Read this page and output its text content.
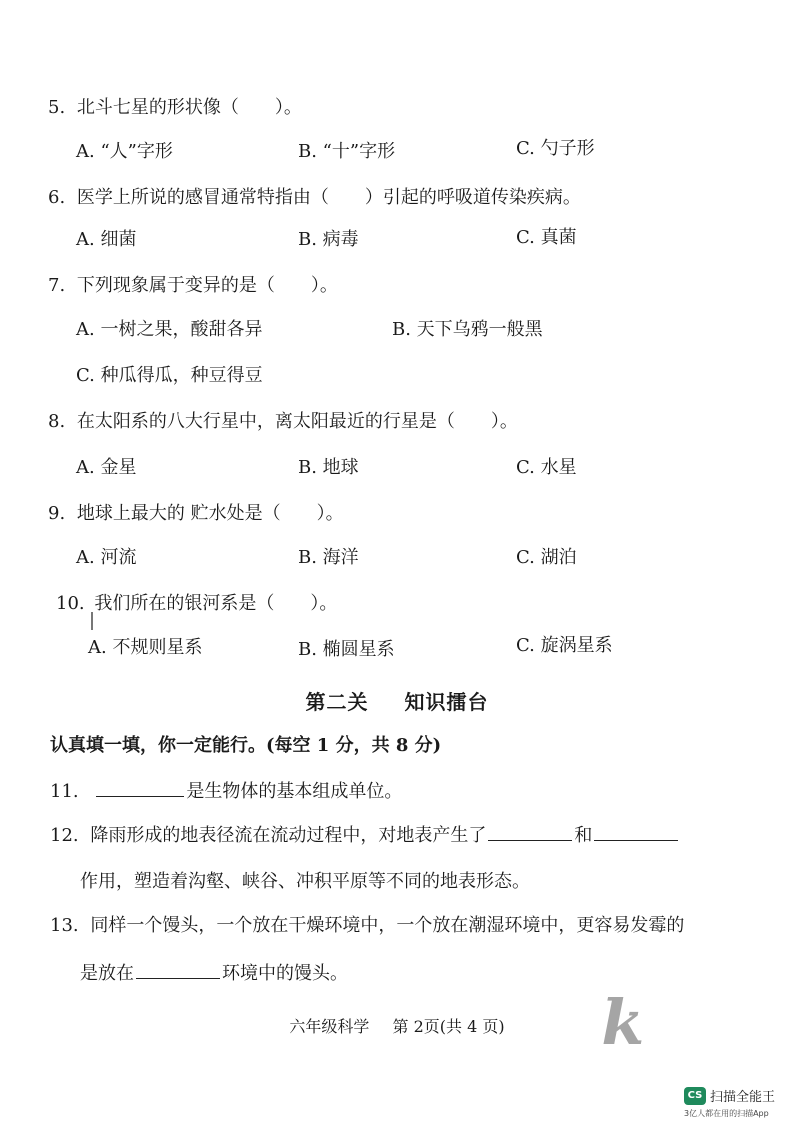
5. 北斗七星的形状像（　　）。
A. “人”字形	B. “十”字形	C. 勺子形
6. 医学上所说的感冒通常特指由（　　）引起的呼吸道传染疾病。
A. 细菌	B. 病毒	C. 真菌
7. 下列现象属于变异的是（　　）。
A. 一树之果，酸甜各异	B. 天下乌鸦一般黑
C. 种瓜得瓜，种豆得豆
8. 在太阳系的八大行星中，离太阳最近的行星是（　　）。
A. 金星	B. 地球	C. 水星
9. 地球上最大的 贮水处是（　　）。
A. 河流	B. 海洋	C. 湖泊
10. 我们所在的银河系是（　　）。
A. 不规则星系	B. 椭圆星系	C. 旋涡星系
第二关 知识擂台
认真填一填，你一定能行。(每空 1 分，共 8 分)
11.	是生物体的基本组成单位。
12. 降雨形成的地表径流在流动过程中，对地表产生了	和
作用，塑造着沟壑、峡谷、冲积平原等不同的地表形态。
13. 同样一个馒头，一个放在干燥环境中，一个放在潮湿环境中，更容易发霉的
是放在	环境中的馒头。
六年级科学	k
第 2页(共 4 页)
CS 扫描全能王
3亿人都在用的扫描App
